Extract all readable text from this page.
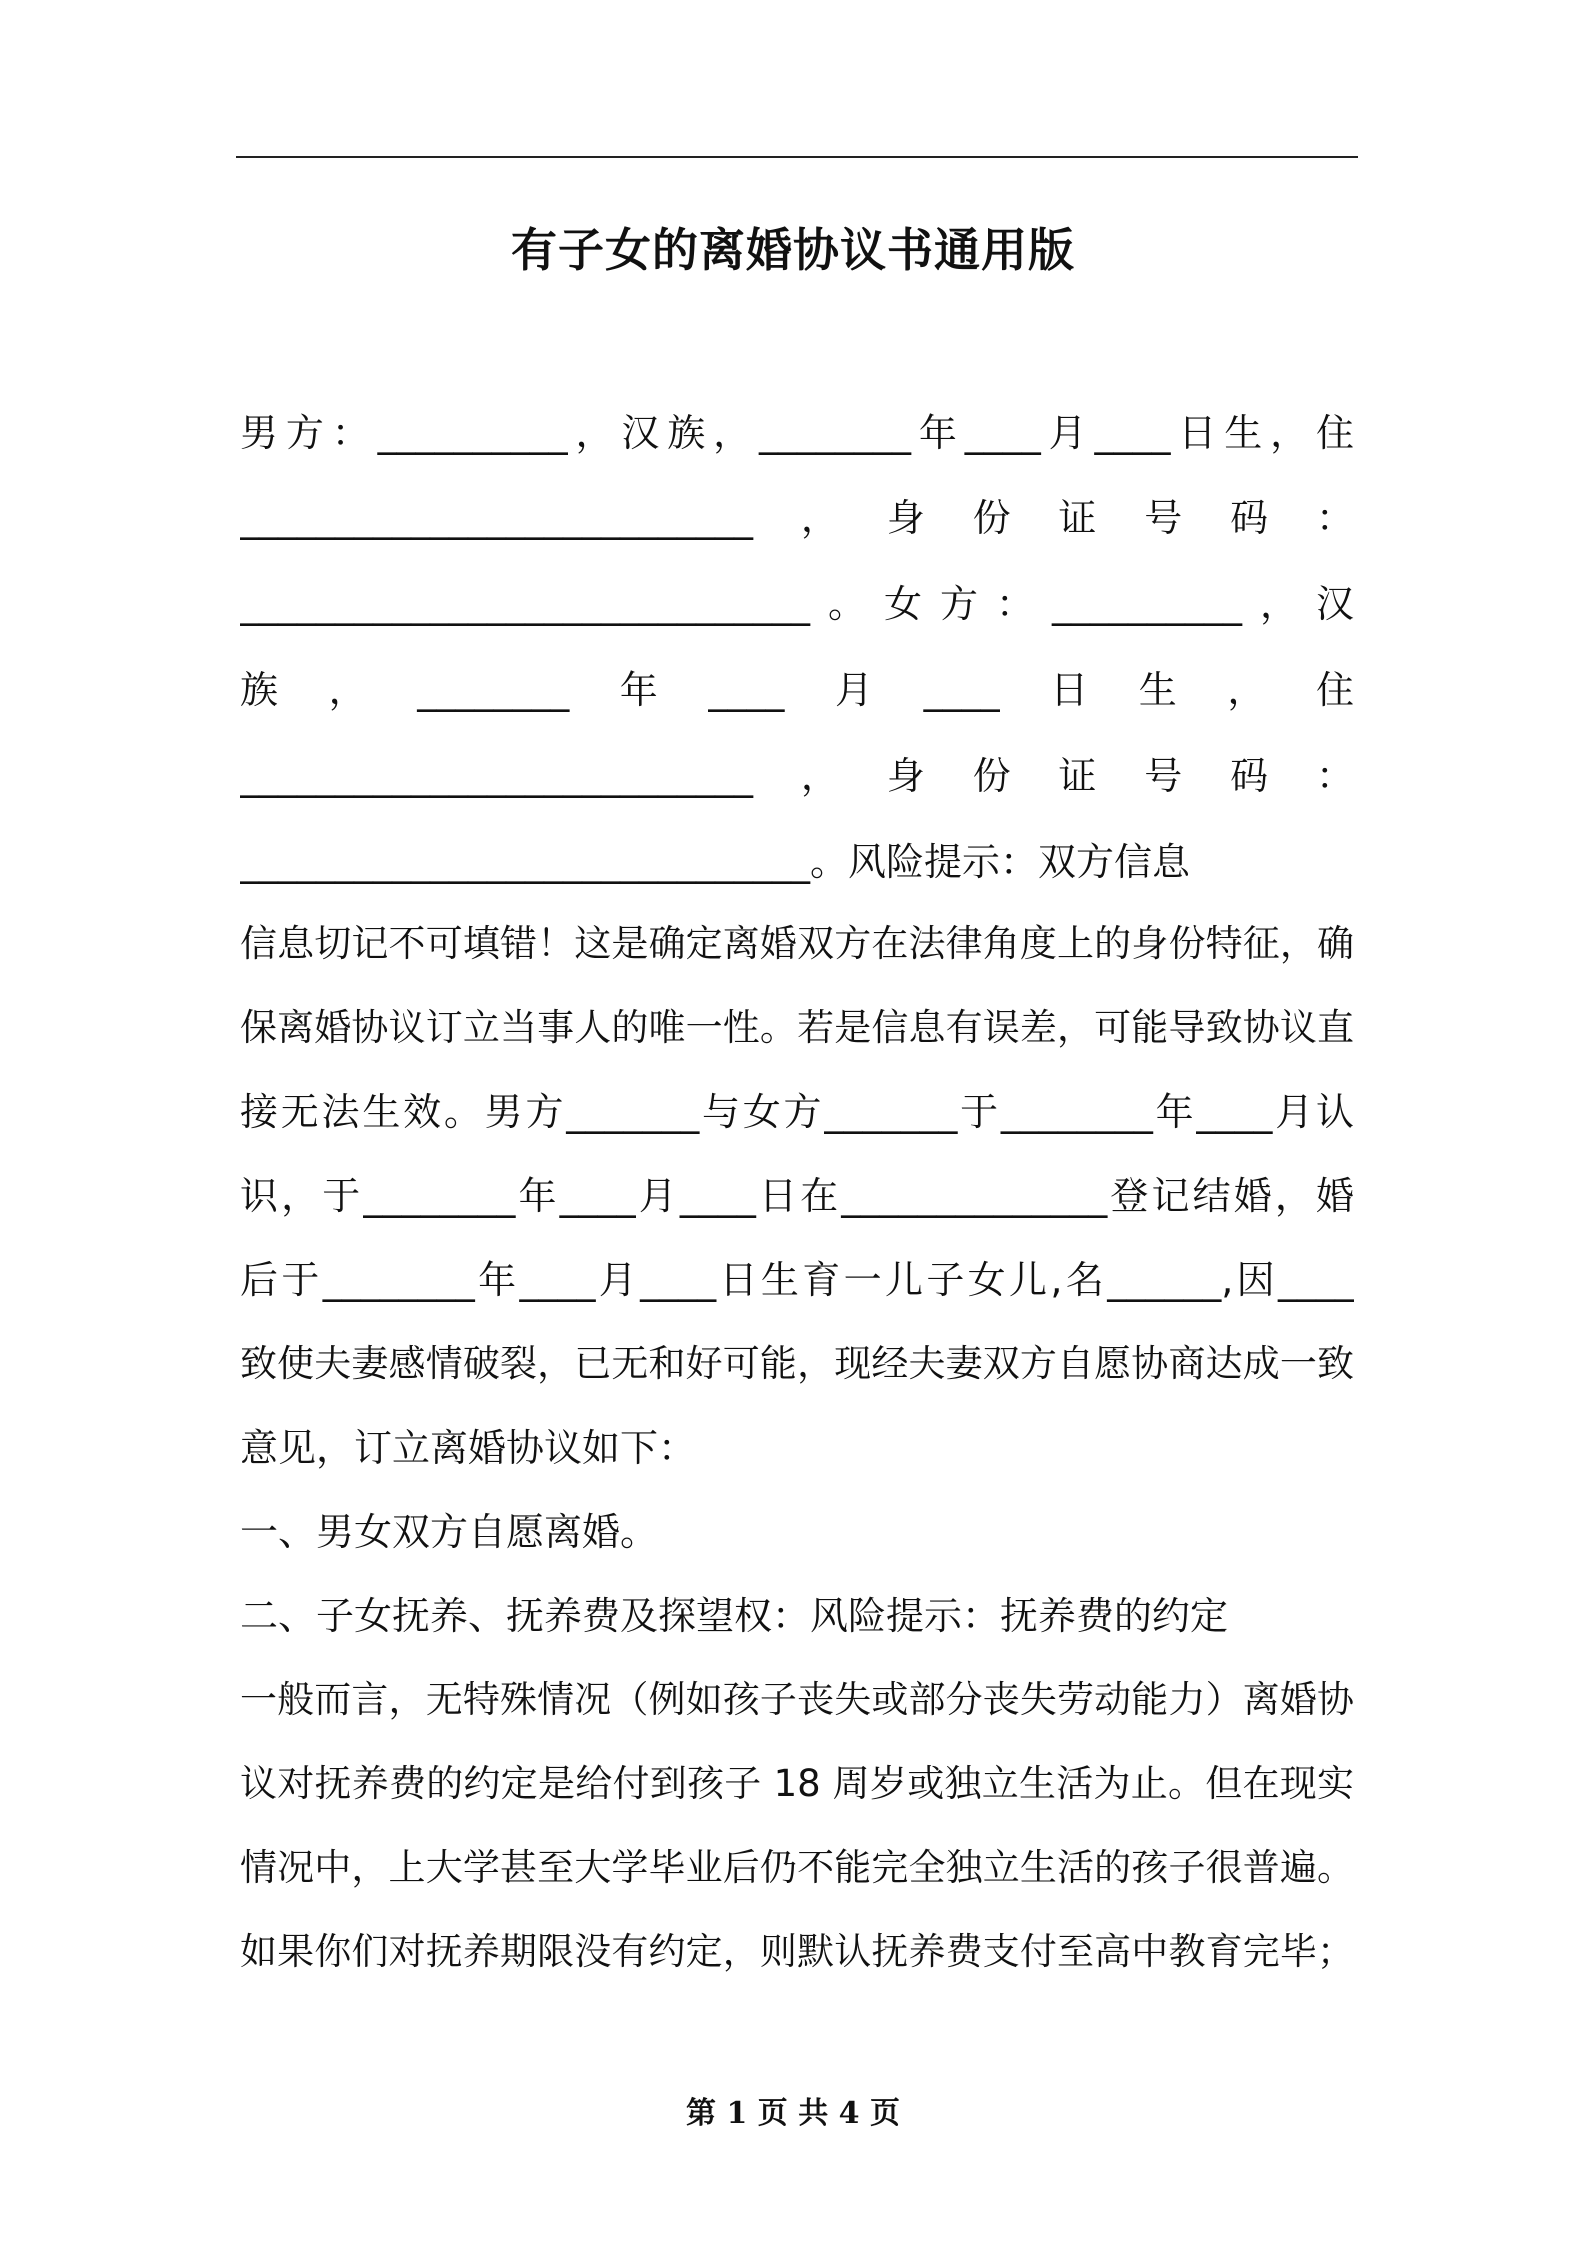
有子女的离婚协议书通用版
男方：__________，汉族，________年____月____日生，住
___________________________，身份证号码：
______________________________。女方：__________，汉
族，________年____月____日生，住
___________________________，身份证号码：
______________________________。风险提示：双方信息
信息切记不可填错！这是确定离婚双方在法律角度上的身份特征，确
保离婚协议订立当事人的唯一性。若是信息有误差，可能导致协议直
接无法生效。男方_______与女方_______于________年____月认
识，于________年____月____日在______________登记结婚，婚
后于________年____月____日生育一儿子女儿,名______,因____
致使夫妻感情破裂，已无和好可能，现经夫妻双方自愿协商达成一致
意见，订立离婚协议如下：
一、男女双方自愿离婚。
二、子女抚养、抚养费及探望权：风险提示：抚养费的约定
一般而言，无特殊情况（例如孩子丧失或部分丧失劳动能力）离婚协
议对抚养费的约定是给付到孩子 18 周岁或独立生活为止。但在现实
情况中，上大学甚至大学毕业后仍不能完全独立生活的孩子很普遍。
如果你们对抚养期限没有约定，则默认抚养费支付至高中教育完毕；
第 1 页 共 4 页
